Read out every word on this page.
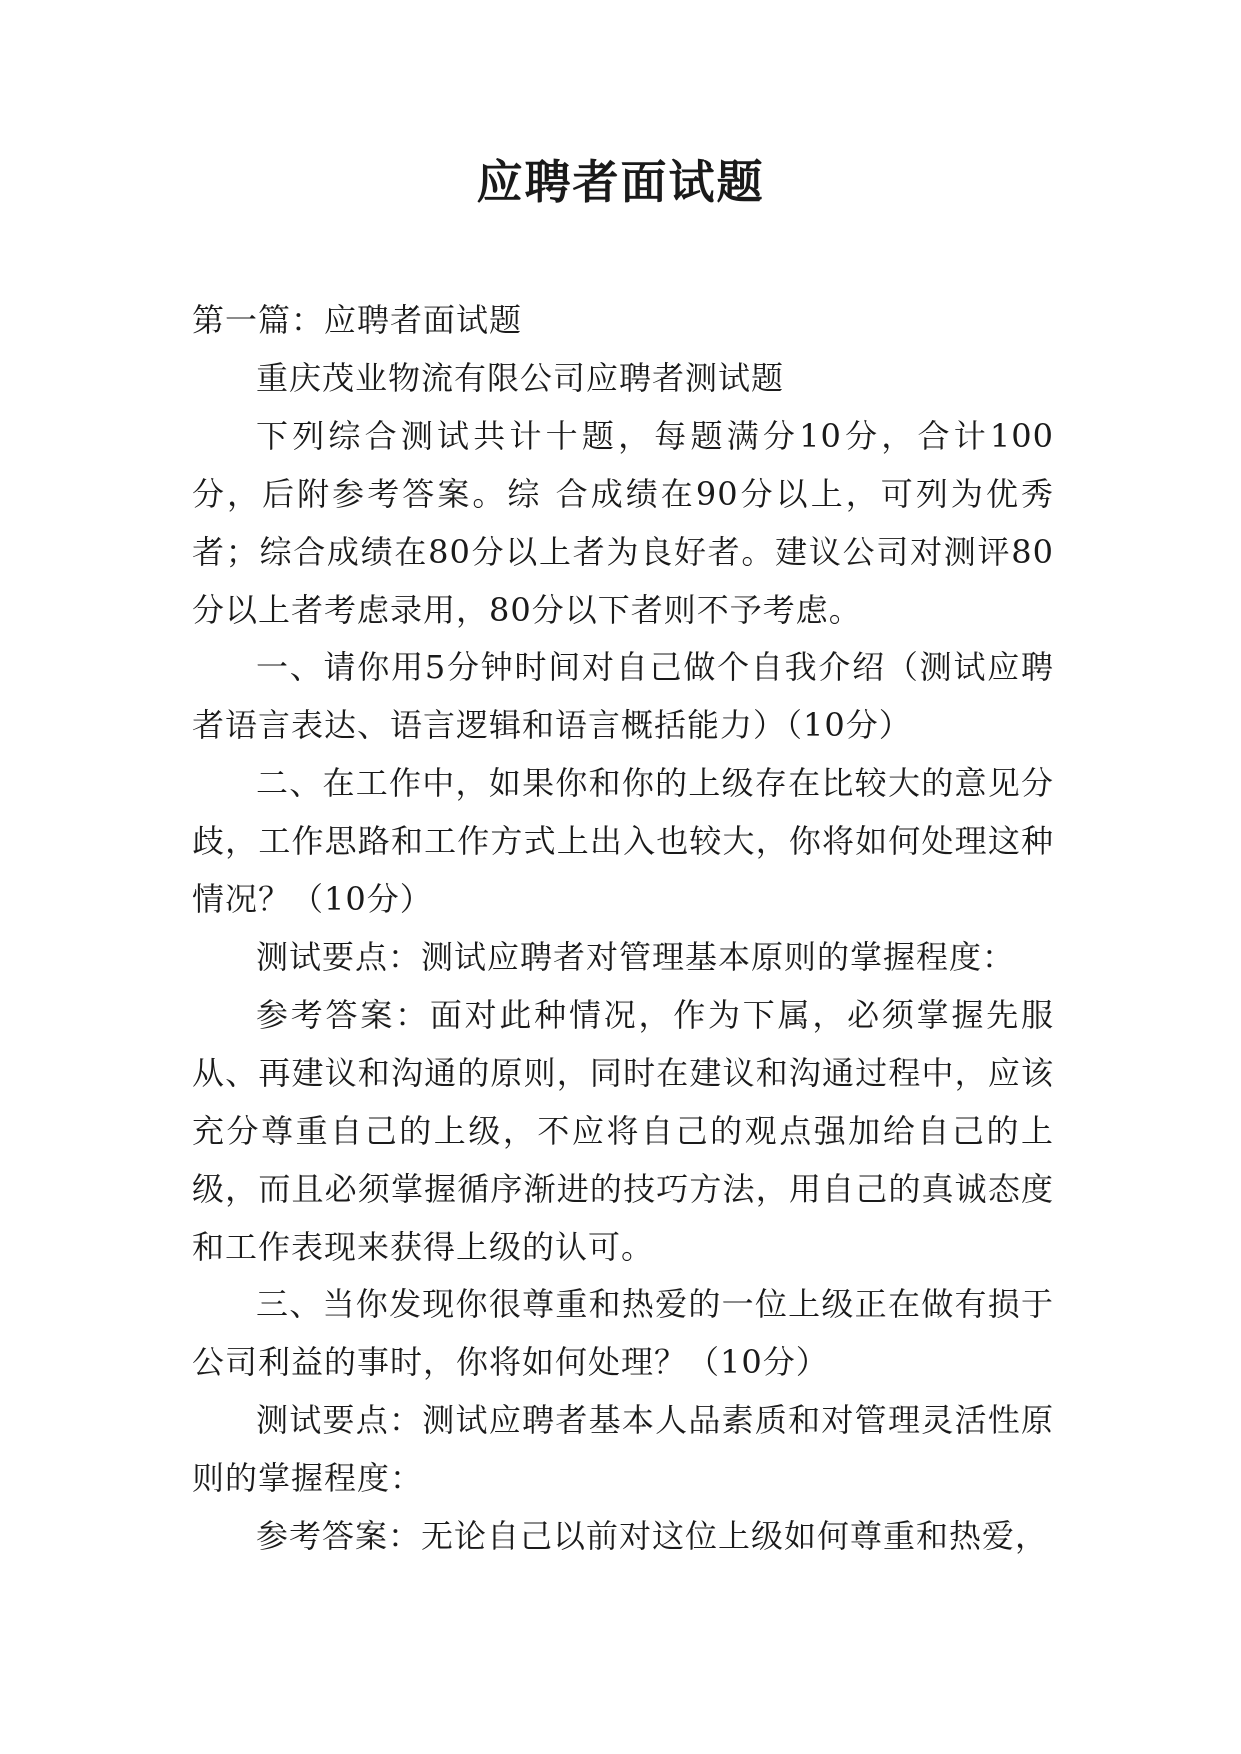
应聘者面试题

第一篇：应聘者面试题

重庆茂业物流有限公司应聘者测试题

下列综合测试共计十题，每题满分10分，合计100分，后附参考答案。综 合成绩在90分以上，可列为优秀者；综合成绩在80分以上者为良好者。建议公司对测评80分以上者考虑录用，80分以下者则不予考虑。

一、请你用5分钟时间对自己做个自我介绍（测试应聘者语言表达、语言逻辑和语言概括能力）（10分）

二、在工作中，如果你和你的上级存在比较大的意见分歧，工作思路和工作方式上出入也较大，你将如何处理这种情况？（10分）

测试要点：测试应聘者对管理基本原则的掌握程度：

参考答案：面对此种情况，作为下属，必须掌握先服从、再建议和沟通的原则，同时在建议和沟通过程中，应该充分尊重自己的上级，不应将自己的观点强加给自己的上级，而且必须掌握循序渐进的技巧方法，用自己的真诚态度和工作表现来获得上级的认可。

三、当你发现你很尊重和热爱的一位上级正在做有损于公司利益的事时，你将如何处理？（10分）

测试要点：测试应聘者基本人品素质和对管理灵活性原则的掌握程度：

参考答案：无论自己以前对这位上级如何尊重和热爱，
